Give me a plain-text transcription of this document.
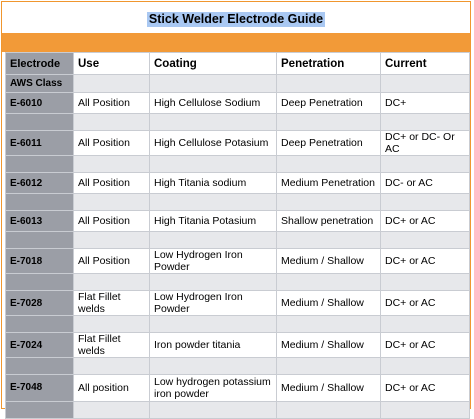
Stick Welder Electrode Guide
Electrode	Use	Coating	Penetration	Current
AWS Class				
E-6010	All Position	High Cellulose Sodium	Deep Penetration	DC+

E-6011	All Position	High Cellulose Potasium	Deep Penetration	DC+ or DC- Or AC

E-6012	All Position	High Titania sodium	Medium Penetration	DC- or AC

E-6013	All Position	High Titania Potasium	Shallow penetration	DC+ or AC

E-7018	All Position	Low Hydrogen Iron Powder	Medium / Shallow	DC+ or AC

E-7028	Flat Fillet welds	Low Hydrogen Iron Powder	Medium / Shallow	DC+ or AC

E-7024	Flat Fillet welds	Iron powder titania	Medium / Shallow	DC+ or AC

E-7048	All position	Low hydrogen potassium iron powder	Medium / Shallow	DC+ or AC
